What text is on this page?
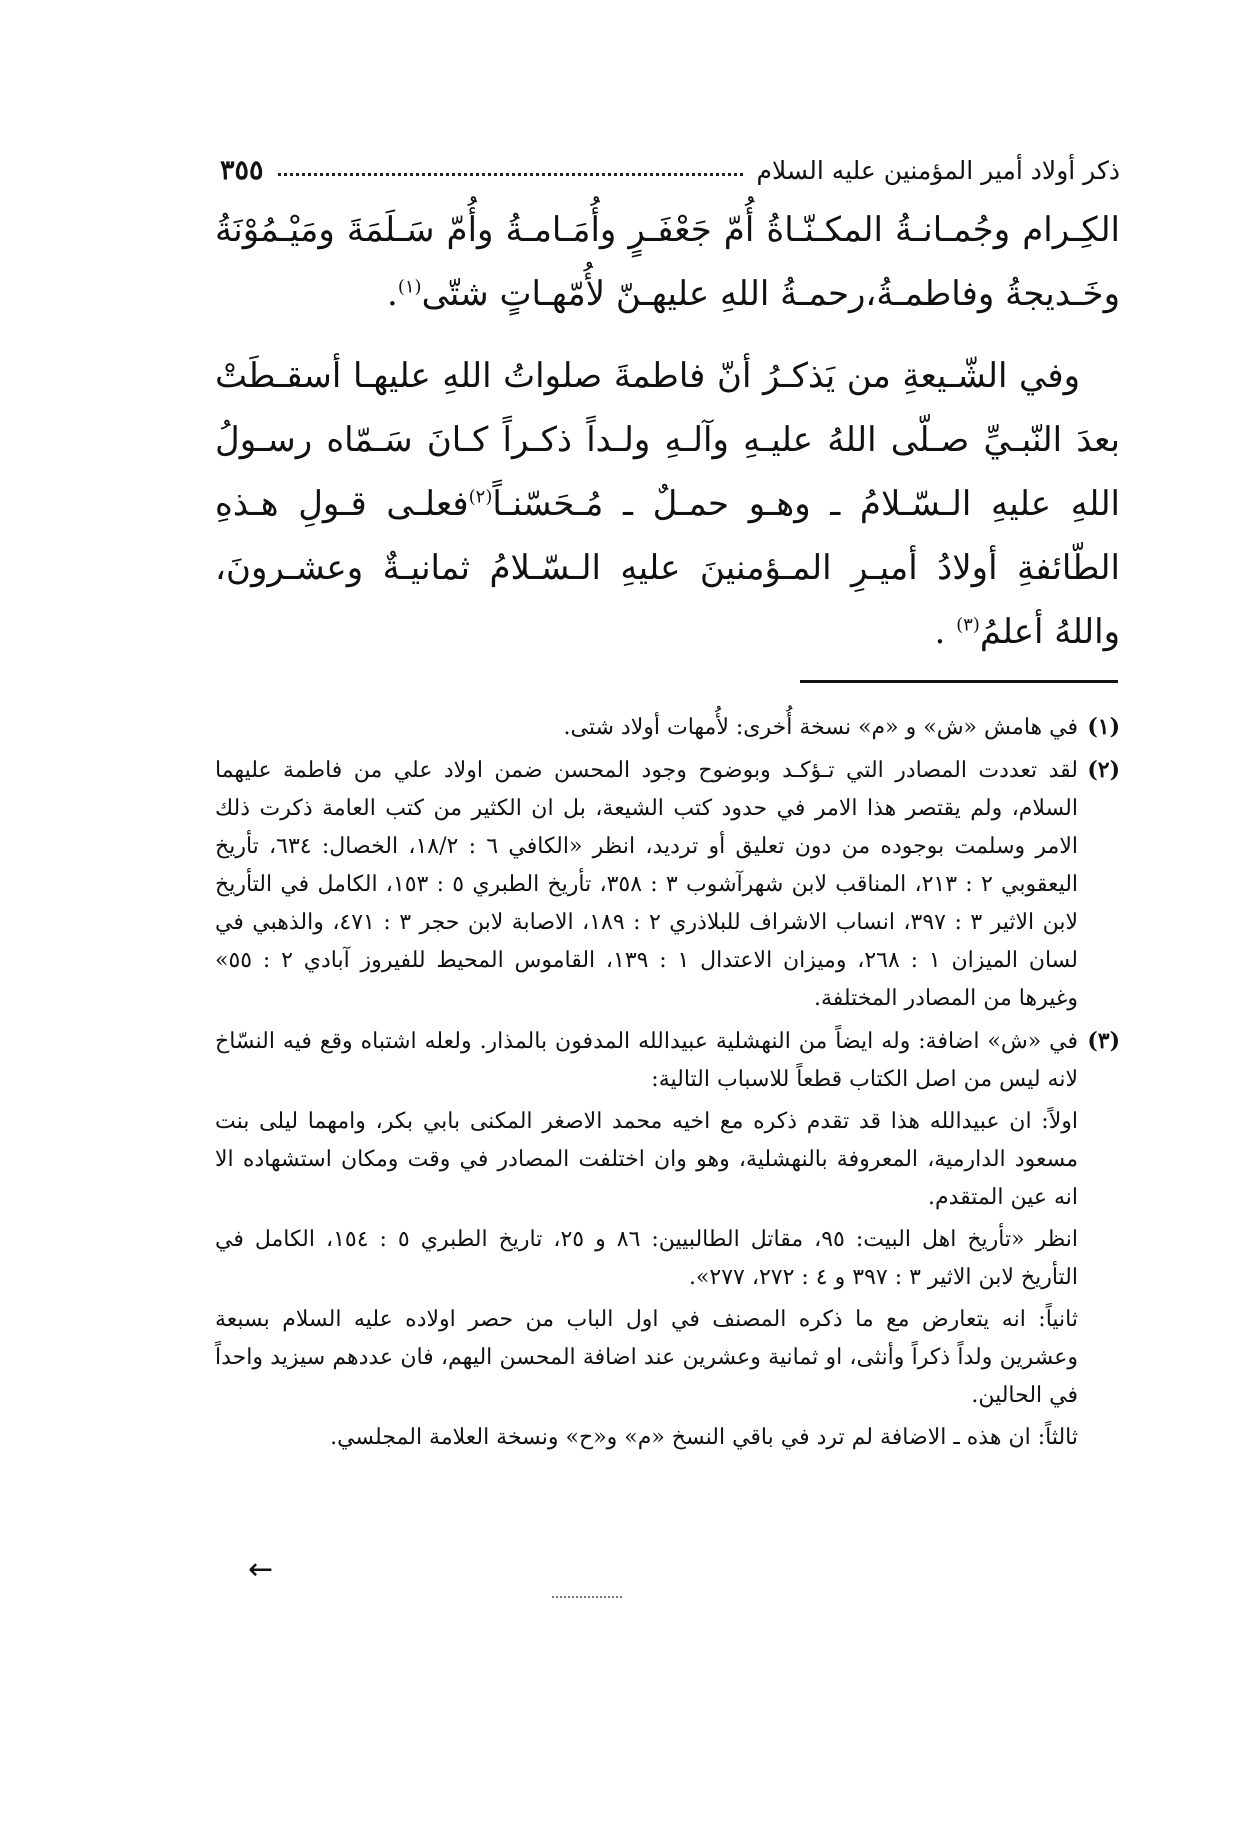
ذكر أولاد أمير المؤمنين عليه السلام
٣٥٥

الكِـرام وجُمـانـةُ المكـنّـاةُ أُمّ جَعْفَـرٍ وأُمَـامـةُ وأُمّ سَـلَمَةَ ومَيْـمُوْنَةُ وخَـديجةُ وفاطمـةُ،رحمـةُ اللهِ عليهـنّ لأُمّهـاتٍ شتّى$^{(١)}$.

وفي الشّـيعةِ من يَذكـرُ أنّ فاطمةَ صلواتُ اللهِ عليهـا أسقـطَتْ بعدَ النّبـيِّ صـلّى اللهُ عليـهِ وآلـهِ ولـداً ذكـراً كـانَ سَـمّاه رسـولُ اللهِ عليهِ الـسّـلامُ ـ وهـو حمـلٌ ـ مُـحَسّنـاً$^{(٢)}$فعلـى قـولِ هـذهِ الطّائفةِ أولادُ أميـرِ المـؤمنينَ عليهِ الـسّـلامُ ثمانيـةٌ وعشـرونَ، واللهُ أعلمُ$^{(٣)}$ .

(١)في هامش «ش» و «م» نسخة أُخرى: لأُمهات أولاد شتى.

(٢)لقد تعددت المصادر التي تـؤكـد وبوضوح وجود المحسن ضمن اولاد علي من فاطمة عليهما السلام، ولم يقتصر هذا الامر في حدود كتب الشيعة، بل ان الكثير من كتب العامة ذكرت ذلك الامر وسلمت بوجوده من دون تعليق أو ترديد، انظر «الكافي ٦ : ١٨/٢، الخصال: ٦٣٤، تأريخ اليعقوبي ٢ : ٢١٣، المناقب لابن شهرآشوب ٣ : ٣٥٨، تأريخ الطبري ٥ : ١٥٣، الكامل في التأريخ لابن الاثير ٣ : ٣٩٧، انساب الاشراف للبلاذري ٢ : ١٨٩، الاصابة لابن حجر ٣ : ٤٧١، والذهبي في لسان الميزان ١ : ٢٦٨، وميزان الاعتدال ١ : ١٣٩، القاموس المحيط للفيروز آبادي ٢ : ٥٥» وغيرها من المصادر المختلفة.

(٣)في «ش» اضافة: وله ايضاً من النهشلية عبيدالله المدفون بالمذار. ولعله اشتباه وقع فيه النسّاخ لانه ليس من اصل الكتاب قطعاً للاسباب التالية:

اولاً: ان عبيدالله هذا قد تقدم ذكره مع اخيه محمد الاصغر المكنى بابي بكر، وامهما ليلى بنت مسعود الدارمية، المعروفة بالنهشلية، وهو وان اختلفت المصادر في وقت ومكان استشهاده الا انه عين المتقدم.

انظر «تأريخ اهل البيت: ٩٥، مقاتل الطالبيين: ٨٦ و ٢٥، تاريخ الطبري ٥ : ١٥٤، الكامل في التأريخ لابن الاثير ٣ : ٣٩٧ و ٤ : ٢٧٢، ٢٧٧».

ثانياً: انه يتعارض مع ما ذكره المصنف في اول الباب من حصر اولاده عليه السلام بسبعة وعشرين ولداً ذكراً وأنثى، او ثمانية وعشرين عند اضافة المحسن اليهم، فان عددهم سيزيد واحداً في الحالين.

ثالثاً: ان هذه ـ الاضافة لم ترد في باقي النسخ «م» و«ح» ونسخة العلامة المجلسي.

←
